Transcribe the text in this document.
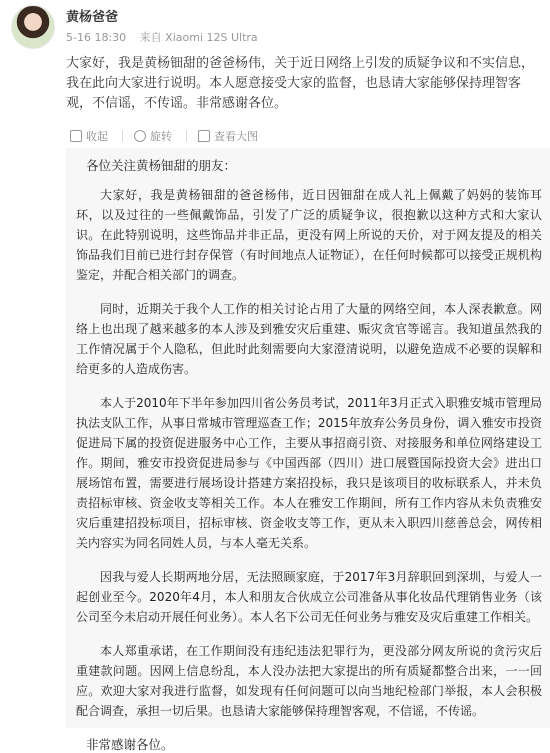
黄杨爸爸
5-16 18:30 来自 Xiaomi 12S Ultra
大家好，我是黄杨钿甜的爸爸杨伟，关于近日网络上引发的质疑争议和不实信息，我在此向大家进行说明。本人愿意接受大家的监督，也恳请大家能够保持理智客观，不信谣，不传谣。非常感谢各位。
收起	旋转	查看大图
各位关注黄杨钿甜的朋友：

大家好，我是黄杨钿甜的爸爸杨伟，近日因钿甜在成人礼上佩戴了妈妈的装饰耳环，以及过往的一些佩戴饰品，引发了广泛的质疑争议，很抱歉以这种方式和大家认识。在此特别说明，这些饰品并非正品，更没有网上所说的天价，对于网友提及的相关饰品我们目前已进行封存保管（有时间地点人证物证），在任何时候都可以接受正规机构鉴定，并配合相关部门的调查。

同时，近期关于我个人工作的相关讨论占用了大量的网络空间，本人深表歉意。网络上也出现了越来越多的本人涉及到雅安灾后重建、赈灾贪官等谣言。我知道虽然我的工作情况属于个人隐私，但此时此刻需要向大家澄清说明，以避免造成不必要的误解和给更多的人造成伤害。

本人于2010年下半年参加四川省公务员考试，2011年3月正式入职雅安城市管理局执法支队工作，从事日常城市管理巡查工作；2015年放弃公务员身份，调入雅安市投资促进局下属的投资促进服务中心工作，主要从事招商引资、对接服务和单位网络建设工作。期间，雅安市投资促进局参与《中国西部（四川）进口展暨国际投资大会》进出口展场馆布置，需要进行展场设计搭建方案招投标，我只是该项目的收标联系人，并未负责招标审核、资金收支等相关工作。本人在雅安工作期间，所有工作内容从未负责雅安灾后重建招投标项目，招标审核、资金收支等工作，更从未入职四川慈善总会，网传相关内容实为同名同姓人员，与本人毫无关系。

因我与爱人长期两地分居，无法照顾家庭，于2017年3月辞职回到深圳，与爱人一起创业至今。2020年4月，本人和朋友合伙成立公司准备从事化妆品代理销售业务（该公司至今未启动开展任何业务）。本人名下公司无任何业务与雅安及灾后重建工作相关。

本人郑重承诺，在工作期间没有违纪违法犯罪行为，更没部分网友所说的贪污灾后重建款问题。因网上信息纷乱，本人没办法把大家提出的所有质疑都整合出来，一一回应。欢迎大家对我进行监督，如发现有任何问题可以向当地纪检部门举报，本人会积极配合调查，承担一切后果。也恳请大家能够保持理智客观，不信谣，不传谣。

非常感谢各位。
